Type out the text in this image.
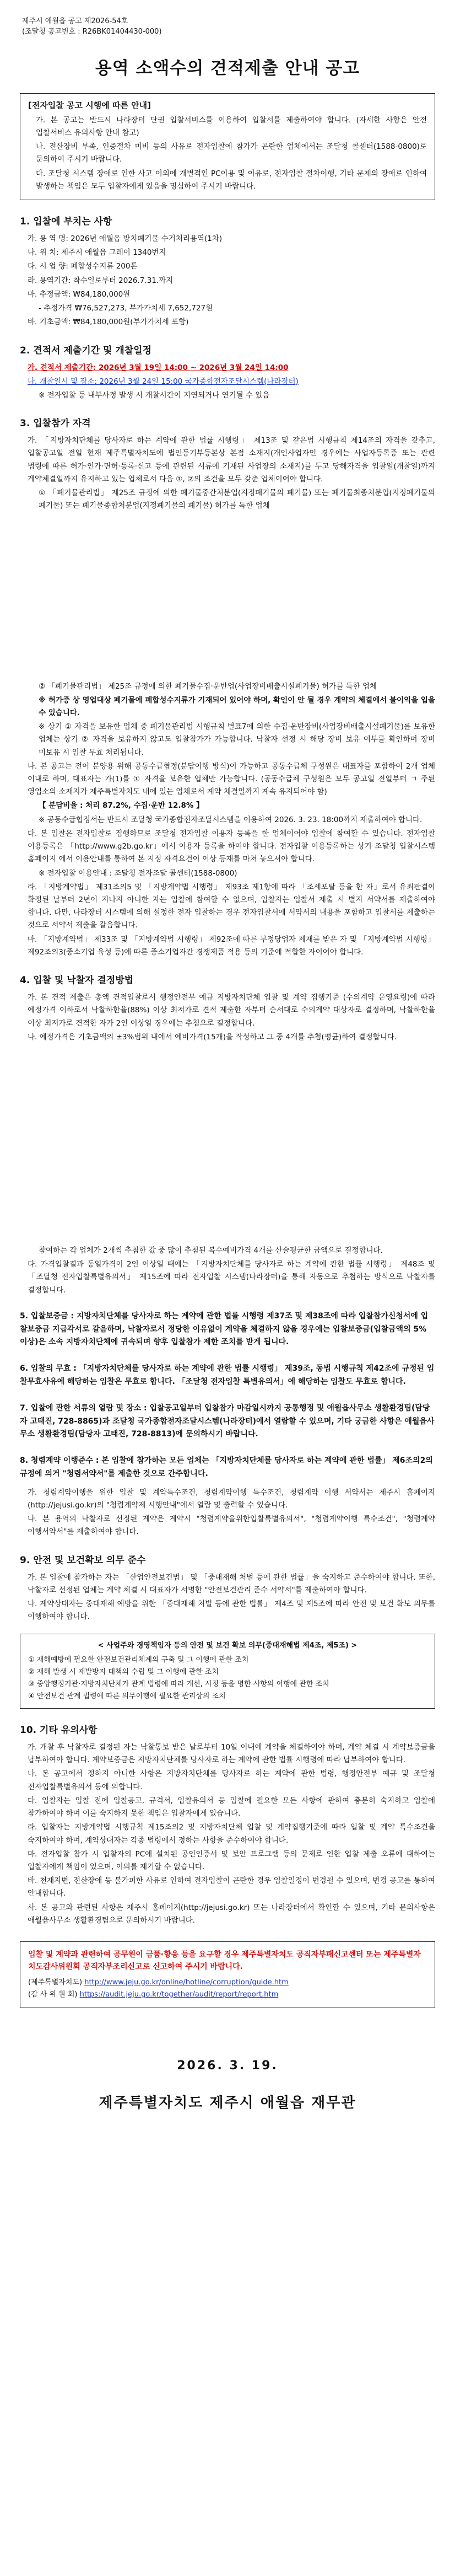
제주시 애월읍 공고 제2026-54호
(조달청 공고번호 : R26BK01404430-000)
용역 소액수의 견적제출 안내 공고
[전자입찰 공고 시행에 따른 안내]
가. 본 공고는 반드시 나라장터 단권 입찰서비스를 이용하여 입찰서를 제출하여야 합니다. (자세한 사항은 안전 입찰서비스 유의사항 안내 참고)
나. 전산장비 부족, 인증절차 미비 등의 사유로 전자입찰에 참가가 곤란한 업체에서는 조달청 콜센터(1588-0800)로 문의하여 주시기 바랍니다.
다. 조달청 시스템 장애로 인한 사고 이외에 개별적인 PC이용 및 이유로, 전자입찰 절차이행, 기타 문제의 장애로 인하여 발생하는 책임은 모두 입찰자에게 있음을 명심하여 주시기 바랍니다.
1. 입찰에 부치는 사항
가. 용 역 명: 2026년 애월읍 방치폐기물 수거처리용역(1차)
나. 위 치: 제주시 애월읍 그레이 1340번지
다. 시 업 량: 폐합성수지류 200톤
라. 용역기간: 착수일로부터 2026.7.31.까지
마. 추정금액: ₩84,180,000원
- 추정가격 ₩76,527,273, 부가가치세 7,652,727원
바. 기초금액: ₩84,180,000원(부가가치세 포함)
2. 견적서 제출기간 및 개찰일정
가. 견적서 제출기간: 2026년 3월 19일 14:00 ~ 2026년 3월 24일 14:00
나. 개찰일시 및 장소: 2026년 3월 24일 15:00 국가종합전자조달시스템(나라장터)
※ 전자입찰 등 내부사정 발생 시 개찰시간이 지연되거나 연기될 수 있음
3. 입찰참가 자격
가. 「지방자치단체를 당사자로 하는 계약에 관한 법률 시행령」 제13조 및 같은법 시행규칙 제14조의 자격을 갖추고, 입찰공고일 전일 현재 제주특별자치도에 법인등기부등본상 본점 소재지(개인사업자인 경우에는 사업자등록증 또는 관련 법령에 따른 허가·인가·면허·등록·신고 등에 관련된 서류에 기재된 사업장의 소재지)를 두고 당해자격을 입찰일(개찰일)까지 계약체결일까지 유지하고 있는 업체로서 다음 ①, ②의 조건을 모두 갖춘 업체이어야 합니다.
① 「폐기물관리법」 제25조 규정에 의한 폐기물중간처분업(지정폐기물의 폐기물) 또는 폐기물최종처분업(지정폐기물의 폐기물) 또는 폐기물종합처분업(지정폐기물의 폐기물) 허가를 득한 업체
② 「폐기물관리법」 제25조 규정에 의한 폐기물수집·운반업(사업장비배출시설폐기물) 허가를 득한 업체
※ 허가증 상 영업대상 폐기물에 폐합성수지류가 기재되어 있어야 하며, 확인이 안 될 경우 계약의 체결에서 불이익을 입을 수 있습니다.
※ 상기 ① 자격을 보유한 업체 중 폐기물관리법 시행규칙 별표7에 의한 수집·운반장비(사업장비배출시설폐기물)를 보유한 업체는 상기 ② 자격을 보유하지 않고도 입찰참가가 가능합니다. 낙찰자 선정 시 해당 장비 보유 여부를 확인하며 장비 미보유 시 입찰 무효 처리됩니다.
나. 본 공고는 전어 분양용 위해 공동수급협정(분담이행 방식)이 가능하고 공동수급체 구성원은 대표자를 포함하여 2개 업체 이내로 하며, 대표자는 가(1)를 ① 자격을 보유한 업체만 가능합니다. (공동수급체 구성원은 모두 공고일 전일부터 ㄱ 주된 영업소의 소재지가 제주특별자치도 내에 있는 업체로서 계약 체결일까지 계속 유지되어야 함)
【 분담비율 : 처리 87.2%, 수집·운반 12.8% 】
※ 공동수급협정서는 반드시 조달청 국가종합전자조달시스템을 이용하여 2026. 3. 23. 18:00까지 제출하여야 합니다.
다. 본 입찰은 전자입찰로 집행하므로 조달청 전자입찰 이용자 등록을 한 업체이어야 입찰에 참여할 수 있습니다. 전자입찰 이용등록은 「http://www.g2b.go.kr」에서 이용자 등록을 하여야 합니다. 전자입찰 이용등록하는 상기 조달청 입찰시스템 홈페이지 에서 이용안내를 통하여 본 지정 자격요건이 이상 등재를 마쳐 놓으셔야 합니다.
※ 전자입찰 이용안내 : 조달청 전자조달 콜센터(1588-0800)
라. 「지방계약법」 제31조의5 및 「지방계약법 시행령」 제93조 제1항에 따라 「조세포탈 등을 한 자」로서 유죄판결이 확정된 날부터 2년이 지나지 아니한 자는 입찰에 참여할 수 없으며, 입찰자는 입찰서 제출 시 별지 서약서를 제출하여야 합니다. 다만, 나라장터 시스템에 의해 설정한 전자 입찰하는 경우 전자입찰서에 서약서의 내용을 포함하고 입찰서를 제출하는 것으로 서약서 제출을 갈음합니다.
마. 「지방계약법」 제33조 및 「지방계약법 시행령」 제92조에 따른 부정당업자 제재를 받은 자 및 「지방계약법 시행령」 제92조의3(중소기업 육성 등)에 따른 중소기업자간 경쟁제품 적용 등의 기준에 적합한 자이어야 합니다.
4. 입찰 및 낙찰자 결정방법
가. 본 견적 제출은 총액 견적입찰로서 행정안전부 예규 지방자치단체 입찰 및 계약 집행기준 (수의계약 운영요령)에 따라 예정가격 이하로서 낙찰하한율(88%) 이상 최저가로 견적 제출한 자부터 순서대로 수의계약 대상자로 결정하며, 낙찰하한율 이상 최저가로 견적한 자가 2인 이상일 경우에는 추첨으로 결정합니다.
나. 예정가격은 기초금액의 ±3%범위 내에서 예비가격(15개)을 작성하고 그 중 4개를 추첨(평균)하여 결정합니다.
참여하는 각 업체가 2개씩 추첨한 값 중 많이 추첨된 복수예비가격 4개를 산술평균한 금액으로 결정합니다.
다. 가격입찰결과 동일가격이 2인 이상일 때에는 「지방자치단체를 당사자로 하는 계약에 관한 법률 시행령」 제48조 및 「조달청 전자입찰특별유의서」 제15조에 따라 전자입찰 시스템(나라장터)을 통해 자동으로 추첨하는 방식으로 낙찰자를 결정합니다.
5. 입찰보증금 : 지방자치단체를 당사자로 하는 계약에 관한 법률 시행령 제37조 및 제38조에 따라 입찰참가신청서에 입찰보증금 지급각서로 갈음하며, 낙찰자로서 정당한 이유없이 계약을 체결하지 않을 경우에는 입찰보증금(입찰금액의 5% 이상)은 소속 지방자치단체에 귀속되며 향후 입찰참가 제한 조치를 받게 됩니다.
6. 입찰의 무효 : 「지방자치단체를 당사자로 하는 계약에 관한 법률 시행령」 제39조, 동법 시행규칙 제42조에 규정된 입찰무효사유에 해당하는 입찰은 무효로 합니다. 「조달청 전자입찰 특별유의서」에 해당하는 입찰도 무효로 합니다.
7. 입찰에 관한 서류의 열람 및 장소 : 입찰공고일부터 입찰참가 마감일시까지 공통행정 및 애월읍사무소 생활환경팀(담당자 고태진, 728-8865)과 조달청 국가종합전자조달시스템(나라장터)에서 열람할 수 있으며, 기타 궁금한 사항은 애월읍사무소 생활환경팀(담당자 고태진, 728-8813)에 문의하시기 바랍니다.
8. 청렴계약 이행준수 : 본 입찰에 참가하는 모든 업체는 「지방자치단체를 당사자로 하는 계약에 관한 법률」 제6조의2의 규정에 의거 "청렴서약서"를 제출한 것으로 간주합니다.
가. 청렴계약이행을 위한 입찰 및 계약특수조건, 청렴계약이행 특수조건, 청렴계약 이행 서약서는 제주시 홈페이지(http://jejusi.go.kr)의 "청렴계약제 시행안내"에서 열람 및 출력할 수 있습니다.
나. 본 용역의 낙찰자로 선정된 계약은 계약시 "청렴계약을위한입찰특별유의서", "청렴계약이행 특수조건", "청렴계약 이행서약서"를 제출하여야 합니다.
9. 안전 및 보건확보 의무 준수
가. 본 입찰에 참가하는 자는 「산업안전보건법」 및 「중대재해 처벌 등에 관한 법률」을 숙지하고 준수하여야 합니다. 또한, 낙찰자로 선정된 업체는 계약 체결 시 대표자가 서명한 "안전보건관리 준수 서약서"를 제출하여야 합니다.
나. 계약상대자는 중대재해 예방을 위한 「중대재해 처벌 등에 관한 법률」 제4조 및 제5조에 따라 안전 및 보건 확보 의무를 이행하여야 합니다.
< 사업주와 경영책임자 등의 안전 및 보건 확보 의무(중대재해법 제4조, 제5조) >
① 재해예방에 필요한 안전보건관리체계의 구축 및 그 이행에 관한 조치
② 재해 발생 시 재발방지 대책의 수립 및 그 이행에 관한 조치
③ 중앙행정기관·지방자치단체가 관계 법령에 따라 개선, 시정 등을 명한 사항의 이행에 관한 조치
④ 안전보건 관계 법령에 따른 의무이행에 필요한 관리상의 조치
10. 기타 유의사항
가. 개찰 후 낙찰자로 결정된 자는 낙찰통보 받은 날로부터 10일 이내에 계약을 체결하여야 하며, 계약 체결 시 계약보증금을 납부하여야 합니다. 계약보증금은 지방자치단체를 당사자로 하는 계약에 관한 법률 시행령에 따라 납부하여야 합니다.
나. 본 공고에서 정하지 아니한 사항은 지방자치단체를 당사자로 하는 계약에 관한 법령, 행정안전부 예규 및 조달청 전자입찰특별유의서 등에 의합니다.
다. 입찰자는 입찰 전에 입찰공고, 규격서, 입찰유의서 등 입찰에 필요한 모든 사항에 관하여 충분히 숙지하고 입찰에 참가하여야 하며 이를 숙지하지 못한 책임은 입찰자에게 있습니다.
라. 입찰자는 지방계약법 시행규칙 제15조의2 및 지방자치단체 입찰 및 계약집행기준에 따라 입찰 및 계약 특수조건을 숙지하여야 하며, 계약상대자는 각종 법령에서 정하는 사항을 준수하여야 합니다.
마. 전자입찰 참가 시 입찰자의 PC에 설치된 공인인증서 및 보안 프로그램 등의 문제로 인한 입찰 제출 오류에 대하여는 입찰자에게 책임이 있으며, 이의를 제기할 수 없습니다.
바. 천재지변, 전산장애 등 불가피한 사유로 인하여 전자입찰이 곤란한 경우 입찰일정이 변경될 수 있으며, 변경 공고를 통하여 안내합니다.
사. 본 공고와 관련된 사항은 제주시 홈페이지(http://jejusi.go.kr) 또는 나라장터에서 확인할 수 있으며, 기타 문의사항은 애월읍사무소 생활환경팀으로 문의하시기 바랍니다.
입찰 및 계약과 관련하여 공무원이 금품·향응 등을 요구할 경우 제주특별자치도 공직자부패신고센터 또는 제주특별자치도감사위원회 공직자부조리신고로 신고하여 주시기 바랍니다.
(제주특별자치도) http://www.jeju.go.kr/online/hotline/corruption/guide.htm
(감 사 위 원 회) https://audit.jeju.go.kr/together/audit/report/report.htm
2026. 3. 19.
제주특별자치도 제주시 애월읍 재무관
